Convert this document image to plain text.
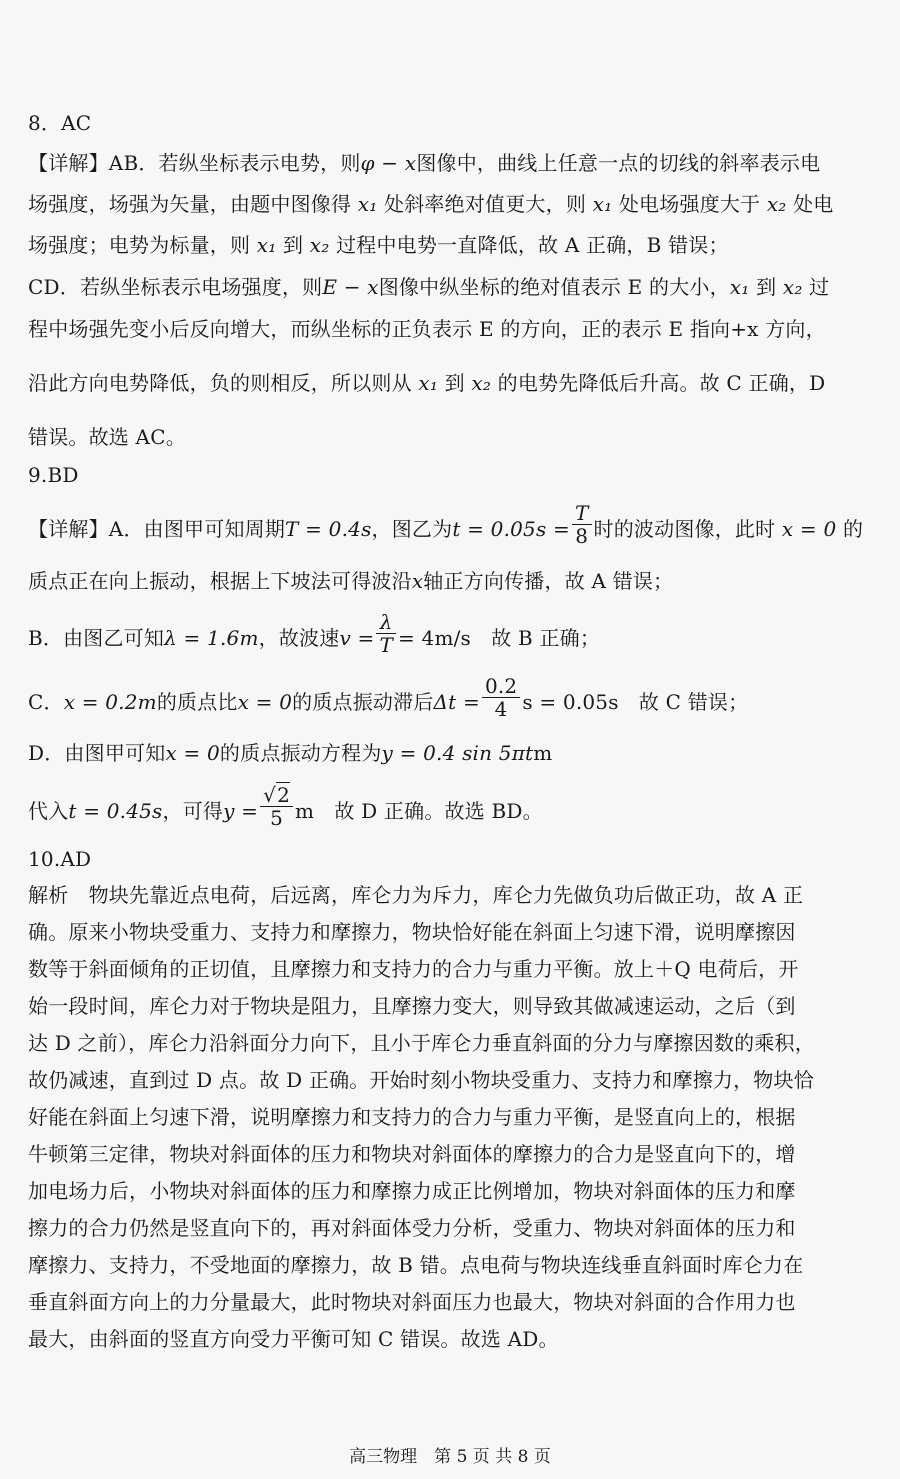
8．AC
【详解】AB．若纵坐标表示电势，则φ − x图像中，曲线上任意一点的切线的斜率表示电
场强度，场强为矢量，由题中图像得 x₁ 处斜率绝对值更大，则 x₁ 处电场强度大于 x₂ 处电
场强度；电势为标量，则 x₁ 到 x₂ 过程中电势一直降低，故 A 正确，B 错误；
CD．若纵坐标表示电场强度，则E − x图像中纵坐标的绝对值表示 E 的大小，x₁ 到 x₂ 过
程中场强先变小后反向增大，而纵坐标的正负表示 E 的方向，正的表示 E 指向+x 方向，
沿此方向电势降低，负的则相反，所以则从 x₁ 到 x₂ 的电势先降低后升高。故 C 正确，D
错误。故选 AC。
9.BD
【详解】A．由图甲可知周期T = 0.4s，图乙为$t = 0.05s = \frac{T}{8}$ 时的波动图像，此时 x = 0 的
质点正在向上振动，根据上下坡法可得波沿x轴正方向传播，故 A 错误；
B．由图乙可知λ = 1.6m，故波速$v = \frac{\lambda}{T} = 4m/s$　 故 B 正确；
C．x = 0.2m的质点比x = 0的质点振动滞后$\Delta t = \frac{0.2}{4}$ s = 0.05s　 故 C 错误；
D．由图甲可知x = 0的质点振动方程为y = 0.4 sin 5πtm
代入t = 0.45s，可得$y = \frac{√2}{5}$ m　 故 D 正确。故选 BD。
10.AD
解析　物块先靠近点电荷，后远离，库仑力为斥力，库仑力先做负功后做正功，故 A 正
确。原来小物块受重力、支持力和摩擦力，物块恰好能在斜面上匀速下滑，说明摩擦因
数等于斜面倾角的正切值，且摩擦力和支持力的合力与重力平衡。放上＋Q 电荷后，开
始一段时间，库仑力对于物块是阻力，且摩擦力变大，则导致其做减速运动，之后（到
达 D 之前），库仑力沿斜面分力向下，且小于库仑力垂直斜面的分力与摩擦因数的乘积，
故仍减速，直到过 D 点。故 D 正确。开始时刻小物块受重力、支持力和摩擦力，物块恰
好能在斜面上匀速下滑，说明摩擦力和支持力的合力与重力平衡，是竖直向上的，根据
牛顿第三定律，物块对斜面体的压力和物块对斜面体的摩擦力的合力是竖直向下的，增
加电场力后，小物块对斜面体的压力和摩擦力成正比例增加，物块对斜面体的压力和摩
擦力的合力仍然是竖直向下的，再对斜面体受力分析，受重力、物块对斜面体的压力和
摩擦力、支持力，不受地面的摩擦力，故 B 错。点电荷与物块连线垂直斜面时库仑力在
垂直斜面方向上的力分量最大，此时物块对斜面压力也最大，物块对斜面的合作用力也
最大，由斜面的竖直方向受力平衡可知 C 错误。故选 AD。
高三物理　第 5 页 共 8 页
